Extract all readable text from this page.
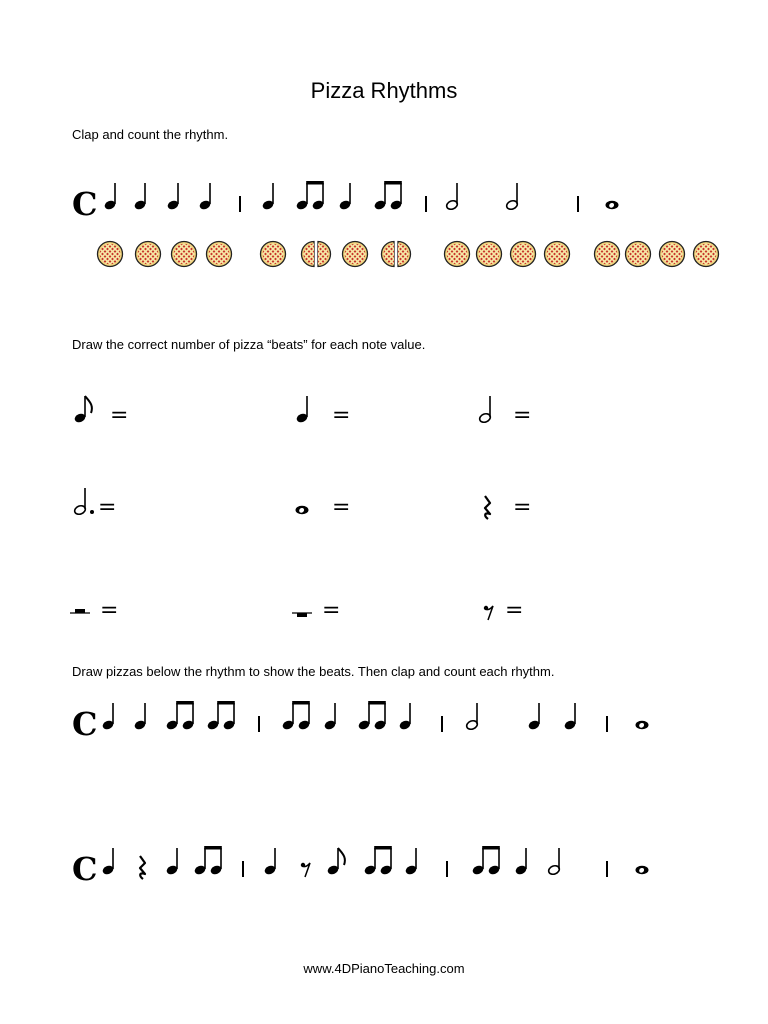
Pizza Rhythms
Clap and count the rhythm.
C
Draw the correct number of pizza “beats” for each note value.
=	=	=
=	=	=
=	=	=
Draw pizzas below the rhythm to show the beats. Then clap and count each rhythm.
C
C
www.4DPianoTeaching.com
